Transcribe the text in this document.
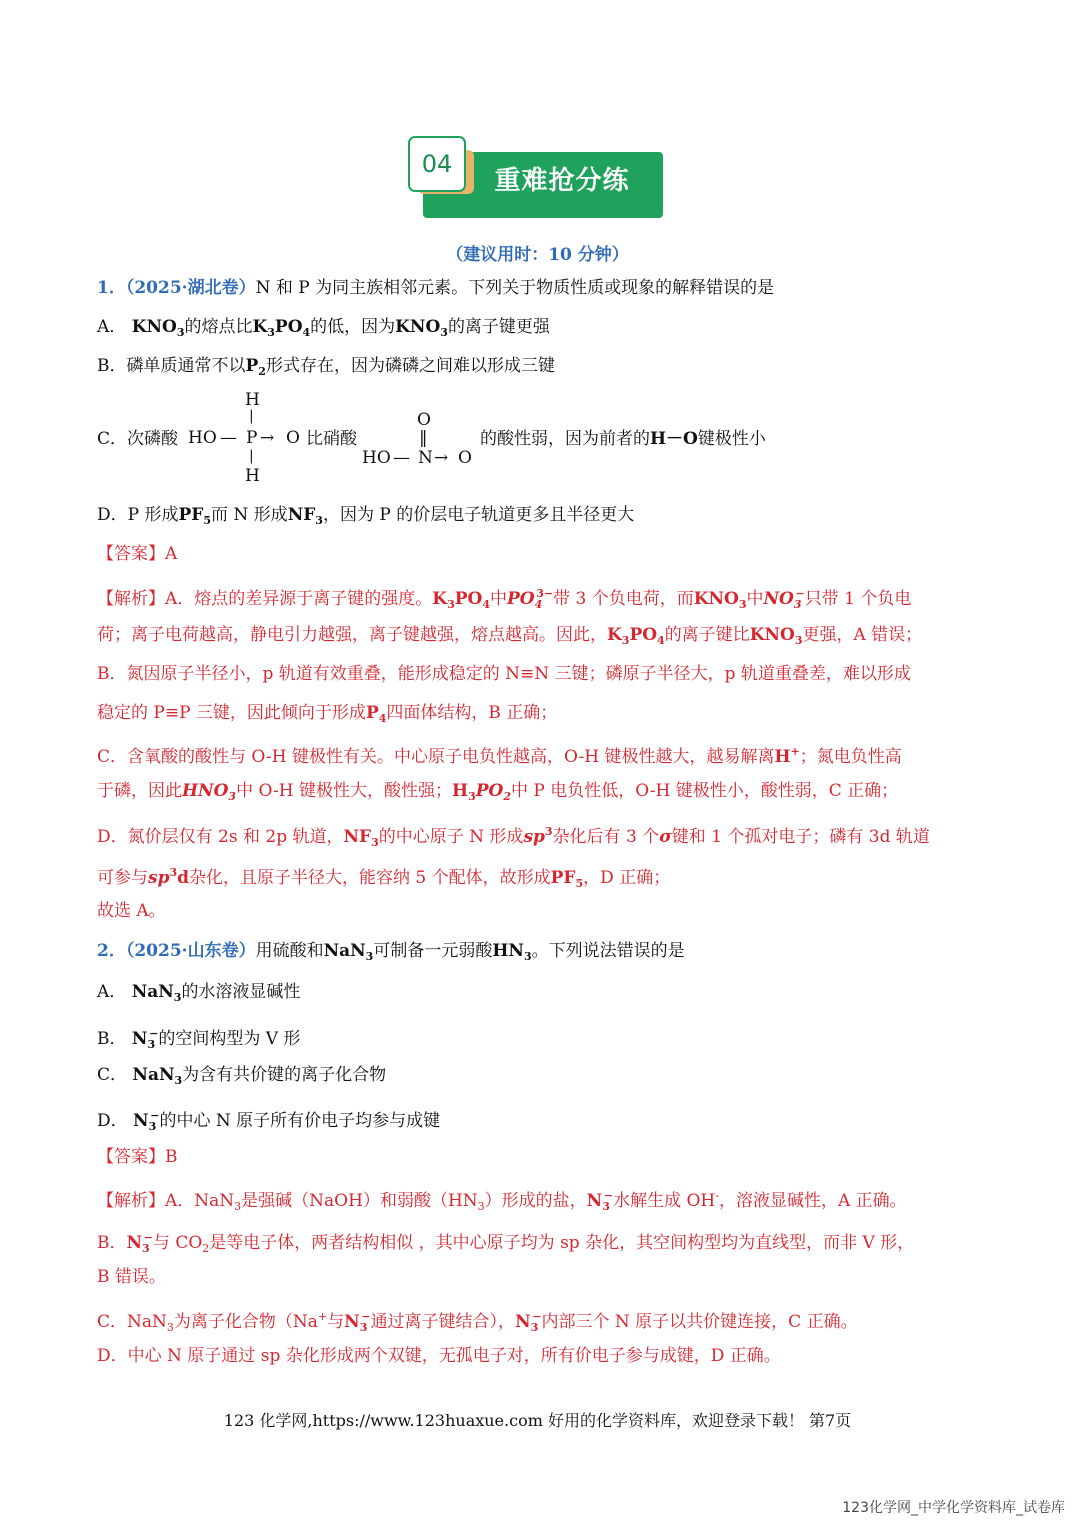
重难抢分练
04
（建议用时：10 分钟）
1．（2025·湖北卷）N 和 P 为同主族相邻元素。下列关于物质性质或现象的解释错误的是
A． $KNO_3$的熔点比$K_3PO_4$的低，因为$KNO_3$的离子键更强
B．磷单质通常不以$P_2$形式存在，因为磷磷之间难以形成三键
C．次磷酸
H
|
HO — P → O
|
H
比硝酸
O
‖
HO — N → O
的酸性弱，因为前者的H－O键极性小
D．P 形成$PF_5$而 N 形成$NF_3$，因为 P 的价层电子轨道更多且半径更大
【答案】A
【解析】A．熔点的差异源于离子键的强度。$K_3PO_4$中$PO_4^{3-}$带 3 个负电荷，而$KNO_3$中$NO_3^-$只带 1 个负电
荷；离子电荷越高，静电引力越强，离子键越强，熔点越高。因此，$K_3PO_4$的离子键比$KNO_3$更强，A 错误；
B．氮因原子半径小，p 轨道有效重叠，能形成稳定的 N≡N 三键；磷原子半径大，p 轨道重叠差，难以形成
稳定的 P≡P 三键，因此倾向于形成$P_4$四面体结构，B 正确；
C．含氧酸的酸性与 O-H 键极性有关。中心原子电负性越高，O-H 键极性越大，越易解离H+；氮电负性高
于磷，因此$HNO_3$中 O-H 键极性大，酸性强；$H_3PO_2$中 P 电负性低，O-H 键极性小，酸性弱，C 正确；
D．氮价层仅有 2s 和 2p 轨道，$NF_3$的中心原子 N 形成$sp^3$杂化后有 3 个σ键和 1 个孤对电子；磷有 3d 轨道
可参与$sp^3d$杂化，且原子半径大，能容纳 5 个配体，故形成$PF_5$，D 正确；
故选 A。
2．（2025·山东卷）用硫酸和NaN$_3$可制备一元弱酸$HN_3$。下列说法错误的是
A． NaN$_3$的水溶液显碱性
B． $N_3^-$的空间构型为 V 形
C． NaN$_3$为含有共价键的离子化合物
D． $N_3^-$的中心 N 原子所有价电子均参与成键
【答案】B
【解析】A．NaN$_3$是强碱（NaOH）和弱酸$(HN_3)$形成的盐，$N_3^-$水解生成 OH-，溶液显碱性，A 正确。
B．$N_3^-$与 $CO_2$是等电子体，两者结构相似 ，其中心原子均为 sp 杂化，其空间构型均为直线型，而非 V 形，
B 错误。
C．NaN$_3$为离子化合物（Na+与$N_3^-$通过离子键结合），$N_3^-$内部三个 N 原子以共价键连接，C 正确。
D．中心 N 原子通过 sp 杂化形成两个双键，无孤电子对，所有价电子参与成键，D 正确。
123 化学网,https://www.123huaxue.com 好用的化学资料库，欢迎登录下载！ 第7页
123化学网_中学化学资料库_试卷库
